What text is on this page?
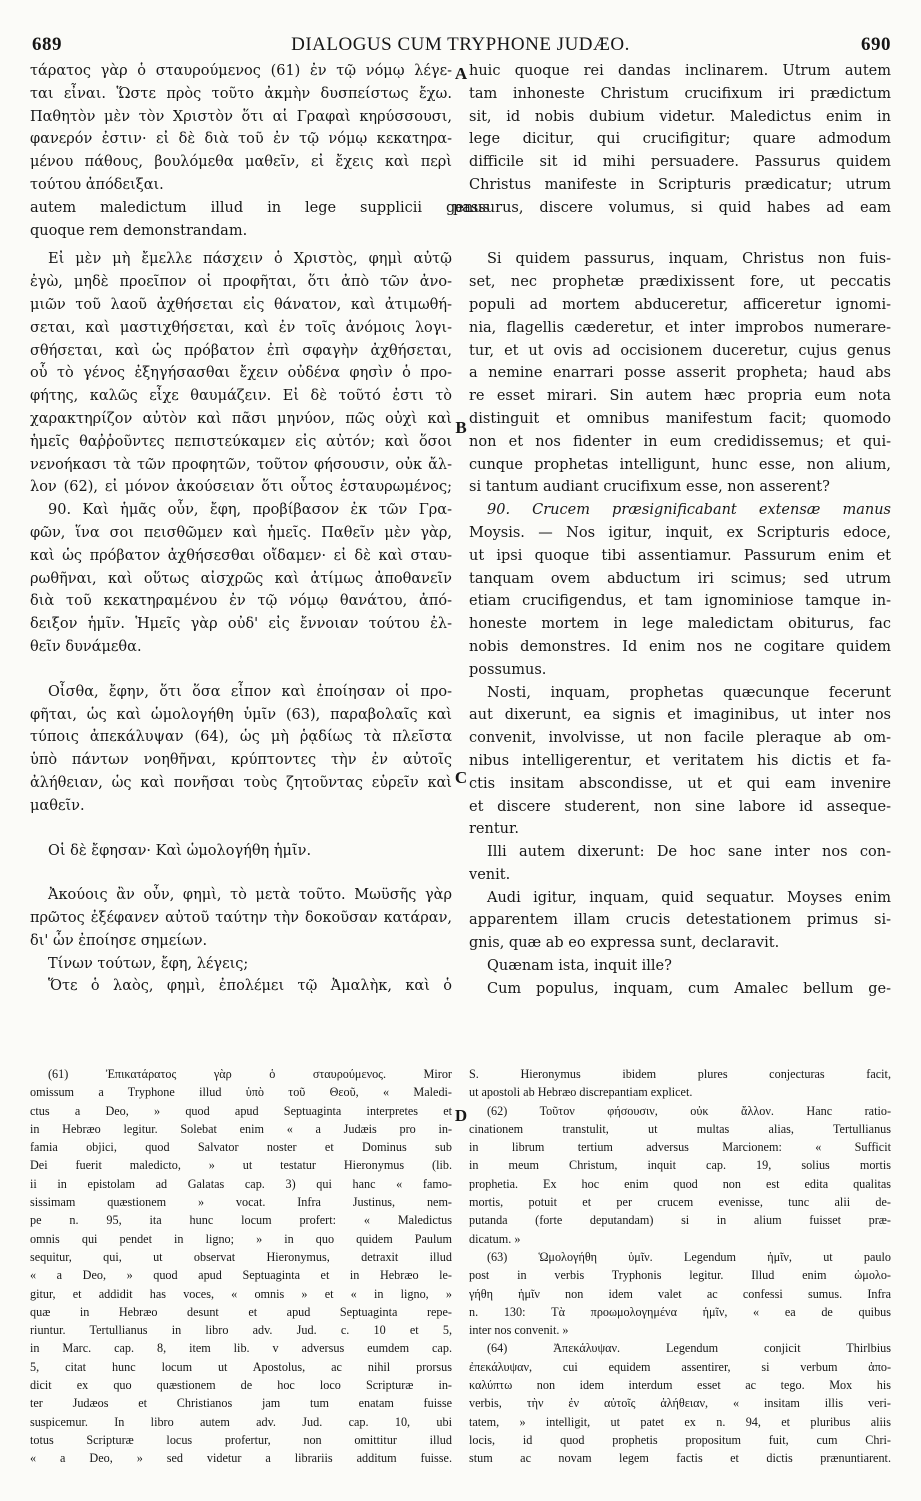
689	DIALOGUS CUM TRYPHONE JUDÆO.	690
A
B
C
D
τάρατος γὰρ ὁ σταυρούμενος (61) ἐν τῷ νόμῳ λέγε-
ται εἶναι. Ὥστε πρὸς τοῦτο ἀκμὴν δυσπείστως ἔχω.
Παθητὸν μὲν τὸν Χριστὸν ὅτι αἱ Γραφαὶ κηρύσσουσι,
φανερόν ἐστιν· εἰ δὲ διὰ τοῦ ἐν τῷ νόμῳ κεκατηρα-
μένου πάθους, βουλόμεθα μαθεῖν, εἰ ἔχεις καὶ περὶ
τούτου ἀπόδειξαι.
autem maledictum illud in lege supplicii genus
quoque rem demonstrandam.
Εἰ μὲν μὴ ἔμελλε πάσχειν ὁ Χριστὸς, φημὶ αὐτῷ
ἐγὼ, μηδὲ προεῖπον οἱ προφῆται, ὅτι ἀπὸ τῶν ἀνο-
μιῶν τοῦ λαοῦ ἀχθήσεται εἰς θάνατον, καὶ ἀτιμωθή-
σεται, καὶ μαστιχθήσεται, καὶ ἐν τοῖς ἀνόμοις λογι-
σθήσεται, καὶ ὡς πρόβατον ἐπὶ σφαγὴν ἀχθήσεται,
οὗ τὸ γένος ἐξηγήσασθαι ἔχειν οὐδένα φησὶν ὁ προ-
φήτης, καλῶς εἶχε θαυμάζειν. Εἰ δὲ τοῦτό ἐστι τὸ
χαρακτηρίζον αὐτὸν καὶ πᾶσι μηνύον, πῶς οὐχὶ καὶ
ἡμεῖς θαῤῥοῦντες πεπιστεύκαμεν εἰς αὐτόν; καὶ ὅσοι
νενοήκασι τὰ τῶν προφητῶν, τοῦτον φήσουσιν, οὐκ ἄλ-
λον (62), εἰ μόνον ἀκούσειαν ὅτι οὗτος ἐσταυρωμένος;
90. Καὶ ἡμᾶς οὖν, ἔφη, προβίβασον ἐκ τῶν Γρα-
φῶν, ἵνα σοι πεισθῶμεν καὶ ἡμεῖς. Παθεῖν μὲν γὰρ,
καὶ ὡς πρόβατον ἀχθήσεσθαι οἴδαμεν· εἰ δὲ καὶ σταυ-
ρωθῆναι, καὶ οὕτως αἰσχρῶς καὶ ἀτίμως ἀποθανεῖν
διὰ τοῦ κεκατηραμένου ἐν τῷ νόμῳ θανάτου, ἀπό-
δειξον ἡμῖν. Ἡμεῖς γὰρ οὐδ' εἰς ἔννοιαν τούτου ἐλ-
θεῖν δυνάμεθα.
Οἶσθα, ἔφην, ὅτι ὅσα εἶπον καὶ ἐποίησαν οἱ προ-
φῆται, ὡς καὶ ὡμολογήθη ὑμῖν (63), παραβολαῖς καὶ
τύποις ἀπεκάλυψαν (64), ὡς μὴ ῥᾳδίως τὰ πλεῖστα
ὑπὸ πάντων νοηθῆναι, κρύπτοντες τὴν ἐν αὐτοῖς
ἀλήθειαν, ὡς καὶ πονῆσαι τοὺς ζητοῦντας εὑρεῖν καὶ
μαθεῖν.
Οἱ δὲ ἔφησαν· Καὶ ὡμολογήθη ἡμῖν.
Ἀκούοις ἂν οὖν, φημὶ, τὸ μετὰ τοῦτο. Μωϋσῆς γὰρ
πρῶτος ἐξέφανεν αὐτοῦ ταύτην τὴν δοκοῦσαν κατάραν,
δι' ὧν ἐποίησε σημείων.
Τίνων τούτων, ἔφη, λέγεις;
Ὅτε ὁ λαὸς, φημὶ, ἐπολέμει τῷ Ἀμαλὴκ, καὶ ὁ
huic quoque rei dandas inclinarem. Utrum autem
tam inhoneste Christum crucifixum iri prædictum
sit, id nobis dubium videtur. Maledictus enim in
lege dicitur, qui crucifigitur; quare admodum
difficile sit id mihi persuadere. Passurus quidem
Christus manifeste in Scripturis prædicatur; utrum
passurus, discere volumus, si quid habes ad eam
Si quidem passurus, inquam, Christus non fuis-
set, nec prophetæ prædixissent fore, ut peccatis
populi ad mortem abduceretur, afficeretur ignomi-
nia, flagellis cæderetur, et inter improbos numerare-
tur, et ut ovis ad occisionem duceretur, cujus genus
a nemine enarrari posse asserit propheta; haud abs
re esset mirari. Sin autem hæc propria eum nota
distinguit et omnibus manifestum facit; quomodo
non et nos fidenter in eum credidissemus; et qui-
cunque prophetas intelligunt, hunc esse, non alium,
si tantum audiant crucifixum esse, non asserent?
90. Crucem præsignificabant extensæ manus
Moysis. — Nos igitur, inquit, ex Scripturis edoce,
ut ipsi quoque tibi assentiamur. Passurum enim et
tanquam ovem abductum iri scimus; sed utrum
etiam crucifigendus, et tam ignominiose tamque in-
honeste mortem in lege maledictam obiturus, fac
nobis demonstres. Id enim nos ne cogitare quidem
possumus.
Nosti, inquam, prophetas quæcunque fecerunt
aut dixerunt, ea signis et imaginibus, ut inter nos
convenit, involvisse, ut non facile pleraque ab om-
nibus intelligerentur, et veritatem his dictis et fa-
ctis insitam abscondisse, ut et qui eam invenire
et discere studerent, non sine labore id assequе-
rentur.
Illi autem dixerunt: De hoc sane inter nos con-
venit.
Audi igitur, inquam, quid sequatur. Moyses enim
apparentem illam crucis detestationem primus si-
gnis, quæ ab eo expressa sunt, declaravit.
Quænam ista, inquit ille?
Cum populus, inquam, cum Amalec bellum ge-
(61) Ἐπικατάρατος γὰρ ὁ σταυρούμενος. Miror
omissum a Tryphone illud ὑπὸ τοῦ Θεοῦ, « Maledi-
ctus a Deo, » quod apud Septuaginta interpretes et
in Hebræo legitur. Solebat enim « a Judæis pro in-
famia objici, quod Salvator noster et Dominus sub
Dei fuerit maledicto, » ut testatur Hieronymus (lib.
ii in epistolam ad Galatas cap. 3) qui hanc « famo-
sissimam quæstionem » vocat. Infra Justinus, nem-
pe n. 95, ita hunc locum profert: « Maledictus
omnis qui pendet in ligno; » in quo quidem Paulum
sequitur, qui, ut observat Hieronymus, detraxit illud
« a Deo, » quod apud Septuaginta et in Hebræo le-
gitur, et addidit has voces, « omnis » et « in ligno, »
quæ in Hebræo desunt et apud Septuaginta repe-
riuntur. Tertullianus in libro adv. Jud. c. 10 et 5,
in Marc. cap. 8, item lib. v adversus eumdem cap.
5, citat hunc locum ut Apostolus, ac nihil prorsus
dicit ex quo quæstionem de hoc loco Scripturæ in-
ter Judæos et Christianos jam tum enatam fuisse
suspicemur. In libro autem adv. Jud. cap. 10, ubi
totus Scripturæ locus profertur, non omittitur illud
« a Deo, » sed videtur a librariis additum fuisse.
S. Hieronymus ibidem plures conjecturas facit,
ut apostoli ab Hebræo discrepantiam explicet.
(62) Τοῦτον φήσουσιν, οὐκ ἄλλον. Hanc ratio-
cinationem transtulit, ut multas alias, Tertullianus
in librum tertium adversus Marcionem: « Sufficit
in meum Christum, inquit cap. 19, solius mortis
prophetia. Ex hoc enim quod non est edita qualitas
mortis, potuit et per crucem evenisse, tunc alii de-
putanda (forte deputandam) si in alium fuisset præ-
dicatum. »
(63) Ὡμολογήθη ὑμῖν. Legendum ἡμῖν, ut paulo
post in verbis Tryphonis legitur. Illud enim ὡμολο-
γήθη ἡμῖν non idem valet ac confessi sumus. Infra
n. 130: Τὰ προωμολογημένα ἡμῖν, « ea de quibus
inter nos convenit. »
(64) Ἀπεκάλυψαν. Legendum conjicit Thirlbius
ἐπεκάλυψαν, cui equidem assentirer, si verbum ἀπο-
καλύπτω non idem interdum esset ac tego. Mox his
verbis, τὴν ἐν αὐτοῖς ἀλήθειαν, « insitam illis veri-
tatem, » intelligit, ut patet ex n. 94, et pluribus aliis
locis, id quod prophetis propositum fuit, cum Chri-
stum ac novam legem factis et dictis prænuntiarent.
